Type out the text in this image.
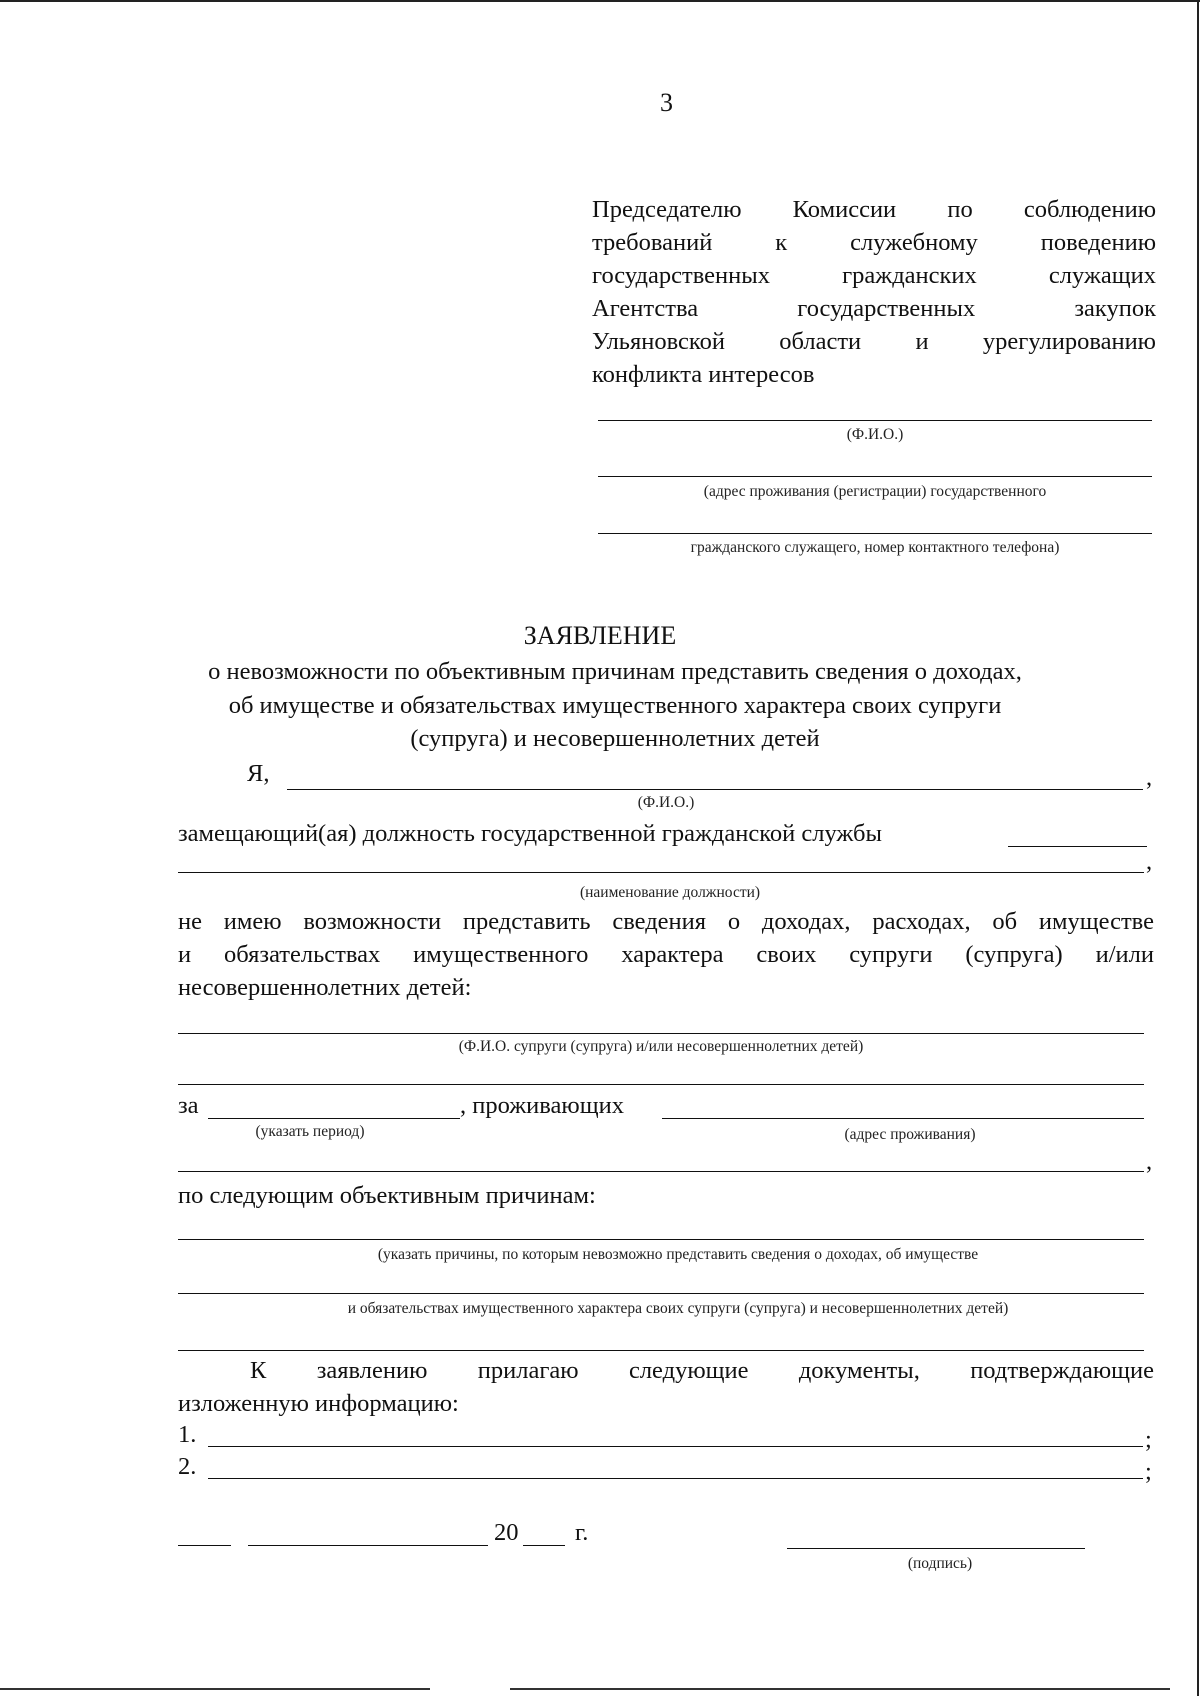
3
Председателю Комиссии по соблюдению
требований к служебному поведению
государственных гражданских служащих
Агентства государственных закупок
Ульяновской области и урегулированию
конфликта интересов
(Ф.И.О.)
(адрес проживания (регистрации) государственного
гражданского служащего, номер контактного телефона)
ЗАЯВЛЕНИЕ
о невозможности по объективным причинам представить сведения о доходах,
об имуществе и обязательствах имущественного характера своих супруги
(супруга) и несовершеннолетних детей
Я,	,
(Ф.И.О.)
замещающий(ая) должность государственной гражданской службы
,
(наименование должности)
не имею возможности представить сведения о доходах, расходах, об имуществе
и обязательствах имущественного характера своих супруги (супруга) и/или
несовершеннолетних детей:
(Ф.И.О. супруги (супруга) и/или несовершеннолетних детей)
за	, проживающих
(указать период)	(адрес проживания)
,
по следующим объективным причинам:
(указать причины, по которым невозможно представить сведения о доходах, об имуществе
и обязательствах имущественного характера своих супруги (супруга) и несовершеннолетних детей)
К заявлению прилагаю следующие документы, подтверждающие
изложенную информацию:
1.	;
2.	;
20 г.
(подпись)
